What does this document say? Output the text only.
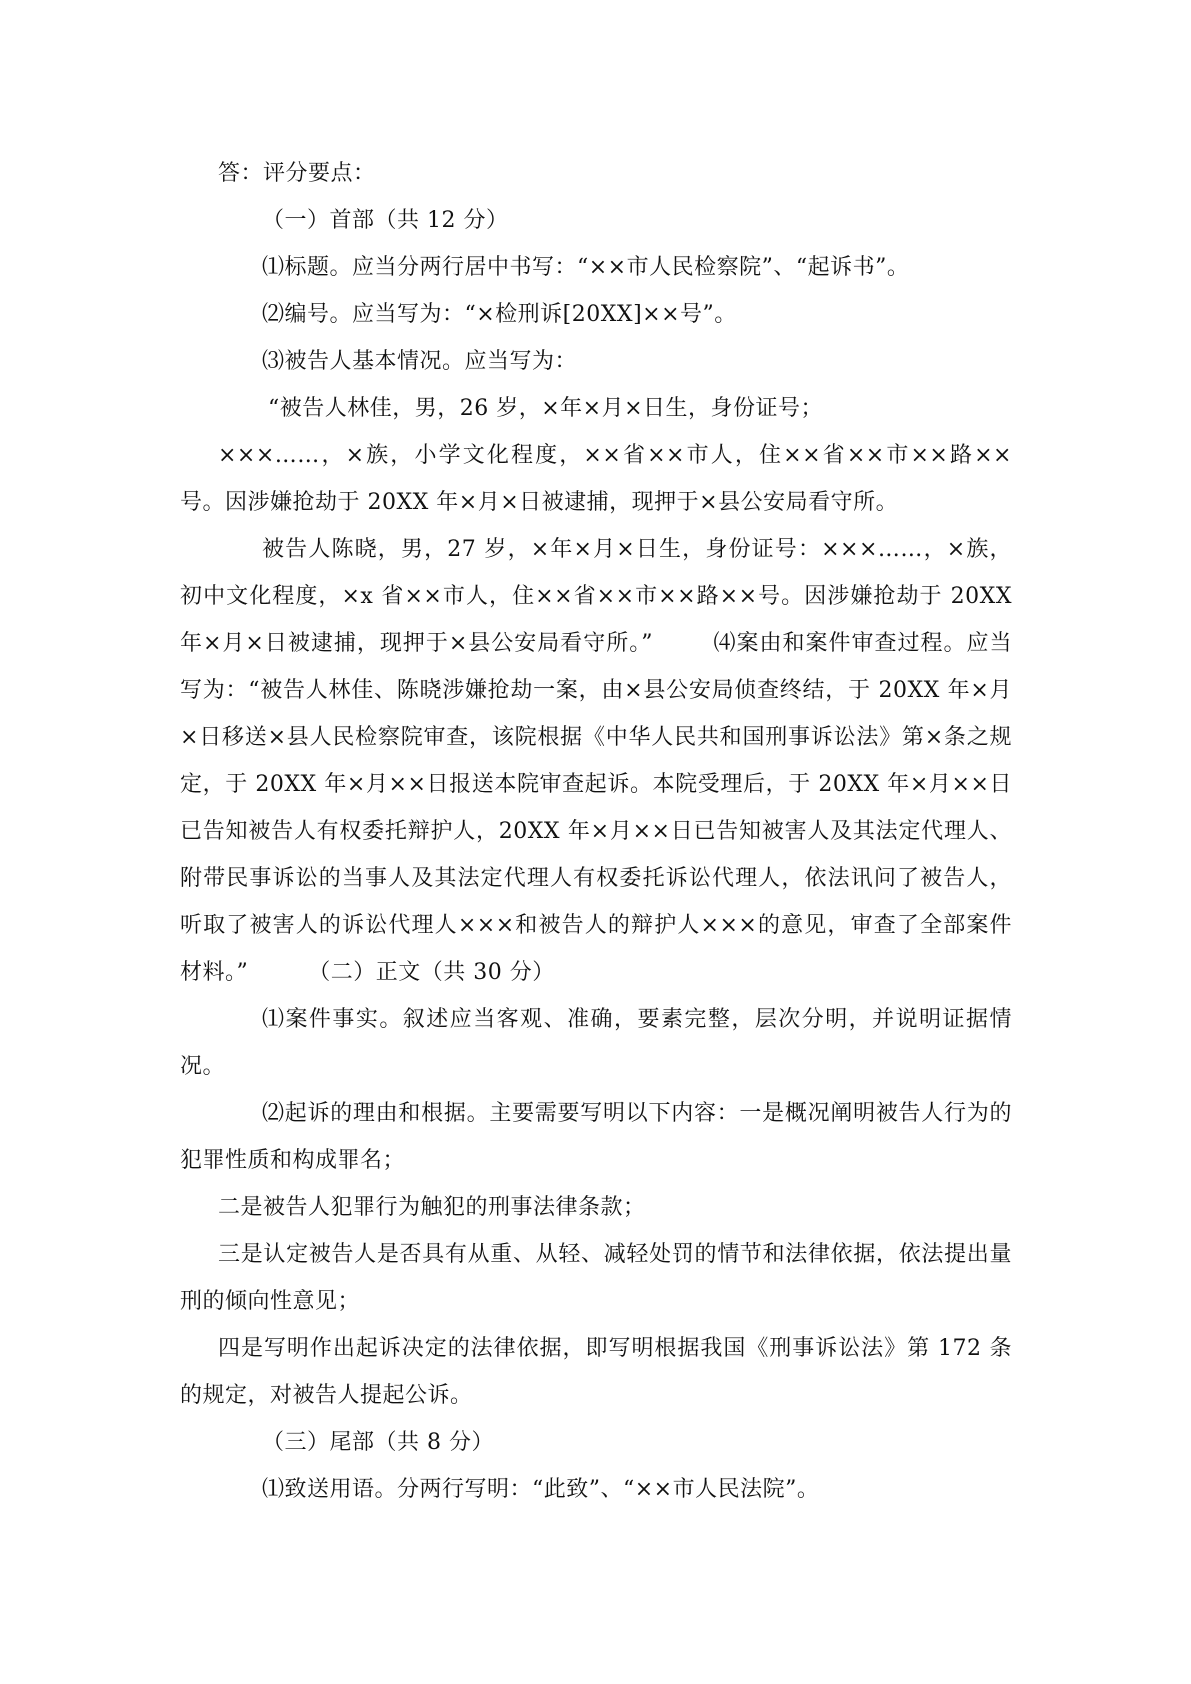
答：评分要点：

（一）首部（共 12 分）

⑴标题。应当分两行居中书写：“××市人民检察院”、“起诉书”。

⑵编号。应当写为：“×检刑诉[20XX]××号”。

⑶被告人基本情况。应当写为：

“被告人林佳，男，26 岁，×年×月×日生，身份证号；

×××……，×族，小学文化程度，××省××市人，住××省××市××路××号。因涉嫌抢劫于 20XX 年×月×日被逮捕，现押于×县公安局看守所。

被告人陈晓，男，27 岁，×年×月×日生，身份证号：×××……，×族，初中文化程度，×x 省××市人，住××省××市××路××号。因涉嫌抢劫于 20XX 年×月×日被逮捕，现押于×县公安局看守所。”	⑷案由和案件审查过程。应当写为：“被告人林佳、陈晓涉嫌抢劫一案，由×县公安局侦查终结，于 20XX 年×月×日移送×县人民检察院审查，该院根据《中华人民共和国刑事诉讼法》第×条之规定，于 20XX 年×月××日报送本院审查起诉。本院受理后，于 20XX 年×月××日已告知被告人有权委托辩护人，20XX 年×月××日已告知被害人及其法定代理人、附带民事诉讼的当事人及其法定代理人有权委托诉讼代理人，依法讯问了被告人，听取了被害人的诉讼代理人×××和被告人的辩护人×××的意见，审查了全部案件材料。”	（二）正文（共 30 分）

⑴案件事实。叙述应当客观、准确，要素完整，层次分明，并说明证据情况。

⑵起诉的理由和根据。主要需要写明以下内容：一是概况阐明被告人行为的犯罪性质和构成罪名；

二是被告人犯罪行为触犯的刑事法律条款；

三是认定被告人是否具有从重、从轻、减轻处罚的情节和法律依据，依法提出量刑的倾向性意见；

四是写明作出起诉决定的法律依据，即写明根据我国《刑事诉讼法》第 172 条的规定，对被告人提起公诉。

（三）尾部（共 8 分）

⑴致送用语。分两行写明：“此致”、“××市人民法院”。
